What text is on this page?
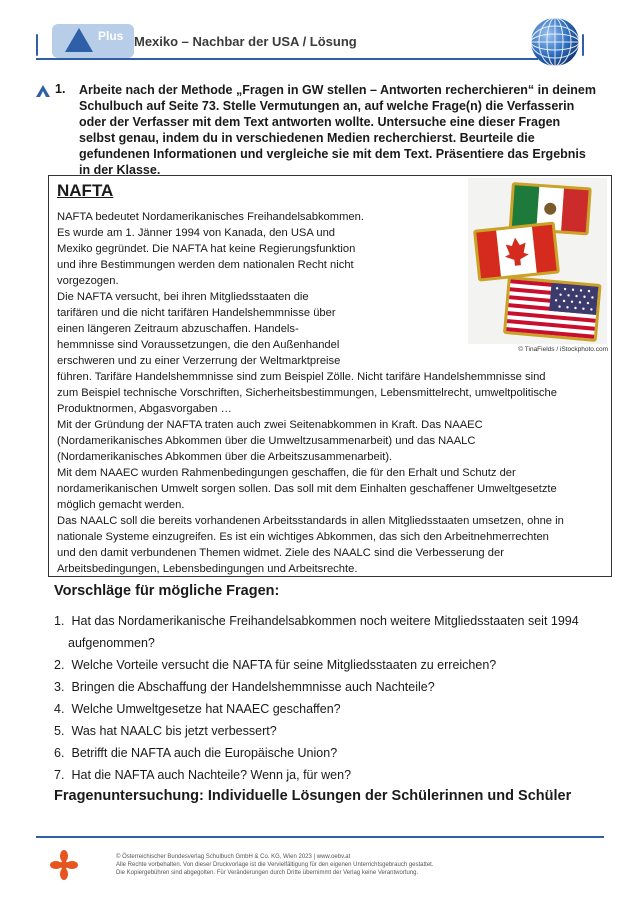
Plus Mexiko – Nachbar der USA / Lösung
1. Arbeite nach der Methode „Fragen in GW stellen – Antworten recherchieren“ in deinem Schulbuch auf Seite 73. Stelle Vermutungen an, auf welche Frage(n) die Verfasserin oder der Verfasser mit dem Text antworten wollte. Untersuche eine dieser Fragen selbst genau, indem du in verschiedenen Medien recherchierst. Beurteile die gefundenen Informationen und vergleiche sie mit dem Text. Präsentiere das Ergebnis in der Klasse.
NAFTA

NAFTA bedeutet Nordamerikanisches Freihandelsabkommen.

Es wurde am 1. Jänner 1994 von Kanada, den USA und

Mexiko gegründet. Die NAFTA hat keine Regierungsfunktion

und ihre Bestimmungen werden dem nationalen Recht nicht

vorgezogen.

Die NAFTA versucht, bei ihren Mitgliedsstaaten die

tarifären und die nicht tarifären Handelshemmnisse über

einen längeren Zeitraum abzuschaffen. Handels-

hemmnisse sind Voraussetzungen, die den Außenhandel

erschweren und zu einer Verzerrung der Weltmarktpreise

führen. Tarifäre Handelshemmnisse sind zum Beispiel Zölle. Nicht tarifäre Handelshemmnisse sind

zum Beispiel technische Vorschriften, Sicherheitsbestimmungen, Lebensmittelrecht, umweltpolitische

Produktnormen, Abgasvorgaben …

Mit der Gründung der NAFTA traten auch zwei Seitenabkommen in Kraft. Das NAAEC

(Nordamerikanisches Abkommen über die Umweltzusammenarbeit) und das NAALC

(Nordamerikanisches Abkommen über die Arbeitszusammenarbeit).

Mit dem NAAEC wurden Rahmenbedingungen geschaffen, die für den Erhalt und Schutz der

nordamerikanischen Umwelt sorgen sollen. Das soll mit dem Einhalten geschaffener Umweltgesetzte

möglich gemacht werden.

Das NAALC soll die bereits vorhandenen Arbeitsstandards in allen Mitgliedsstaaten umsetzen, ohne in

nationale Systeme einzugreifen. Es ist ein wichtiges Abkommen, das sich den Arbeitnehmerrechten

und den damit verbundenen Themen widmet. Ziele des NAALC sind die Verbesserung der

Arbeitsbedingungen, Lebensbedingungen und Arbeitsrechte.

© TinaFields / iStockphoto.com
Vorschläge für mögliche Fragen:
1. Hat das Nordamerikanische Freihandelsabkommen noch weitere Mitgliedsstaaten seit 1994
aufgenommen?
2. Welche Vorteile versucht die NAFTA für seine Mitgliedsstaaten zu erreichen?
3. Bringen die Abschaffung der Handelshemmnisse auch Nachteile?
4. Welche Umweltgesetze hat NAAEC geschaffen?
5. Was hat NAALC bis jetzt verbessert?
6. Betrifft die NAFTA auch die Europäische Union?
7. Hat die NAFTA auch Nachteile? Wenn ja, für wen?
Fragenuntersuchung: Individuelle Lösungen der Schülerinnen und Schüler
© Österreichischer Bundesverlag Schulbuch GmbH & Co. KG, Wien 2023 | www.oebv.at
Alle Rechte vorbehalten. Von dieser Druckvorlage ist die Vervielfältigung für den eigenen Unterrichtsgebrauch gestattet.
Die Kopiergebühren sind abgegolten. Für Veränderungen durch Dritte übernimmt der Verlag keine Verantwortung.
